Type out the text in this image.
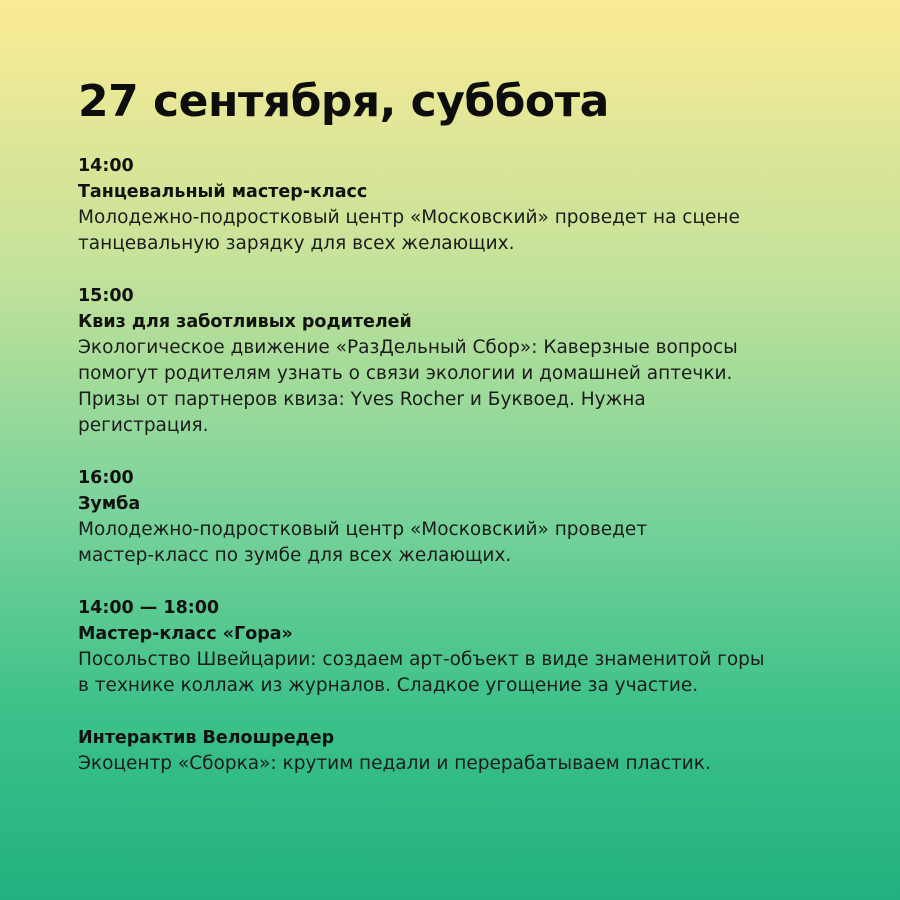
27 сентября, суббота
14:00
Танцевальный мастер-класс
Молодежно-подростковый центр «Московский» проведет на сцене
танцевальную зарядку для всех желающих.
15:00
Квиз для заботливых родителей
Экологическое движение «РазДельный Сбор»: Каверзные вопросы
помогут родителям узнать о связи экологии и домашней аптечки.
Призы от партнеров квиза: Yves Rocher и Буквоед. Нужна
регистрация.
16:00
Зумба
Молодежно-подростковый центр «Московский» проведет
мастер-класс по зумбе для всех желающих.
14:00 — 18:00
Мастер-класс «Гора»
Посольство Швейцарии: создаем арт-объект в виде знаменитой горы
в технике коллаж из журналов. Сладкое угощение за участие.
Интерактив Велошредер
Экоцентр «Сборка»: крутим педали и перерабатываем пластик.
